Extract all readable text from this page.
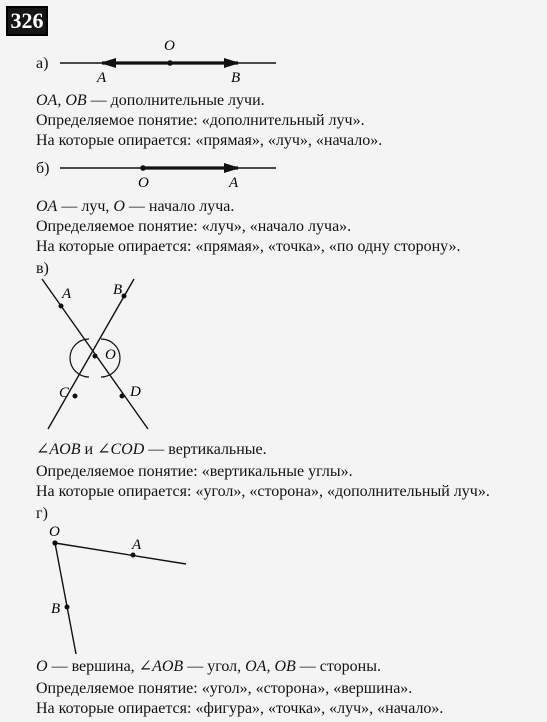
326
а)
O
A	B
OA, OB — дополнительные лучи.
Определяемое понятие: «дополнительный луч».
На которые опирается: «прямая», «луч», «начало».
б)
O	A
OA — луч, O — начало луча.
Определяемое понятие: «луч», «начало луча».
На которые опирается: «прямая», «точка», «по одну сторону».
в)
A	B
O
C	D
∠AOB и ∠COD — вертикальные.
Определяемое понятие: «вертикальные углы».
На которые опирается: «угол», «сторона», «дополнительный луч».
г)
O
A
B
O — вершина, ∠AOB — угол, OA, OB — стороны.
Определяемое понятие: «угол», «сторона», «вершина».
На которые опирается: «фигура», «точка», «луч», «начало».
